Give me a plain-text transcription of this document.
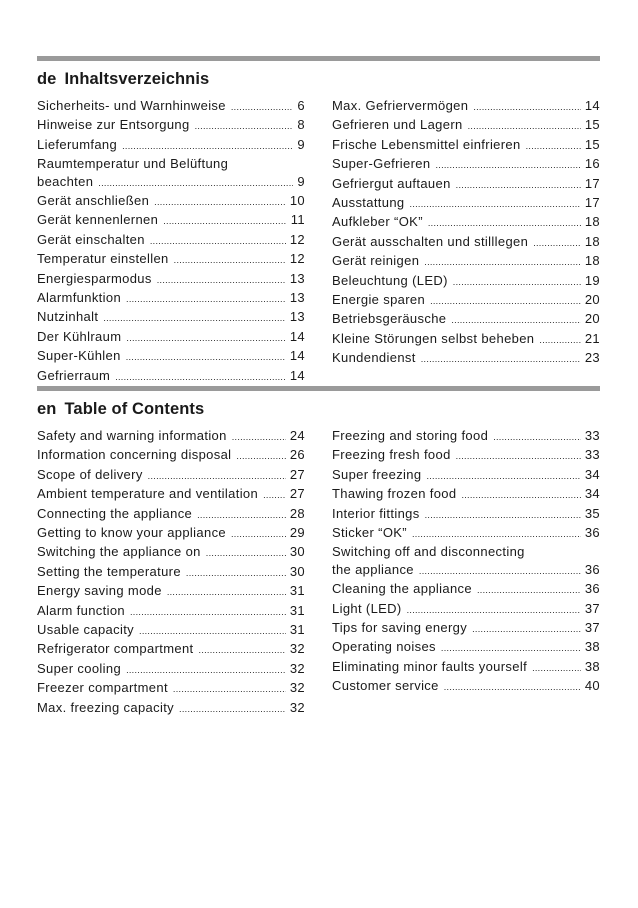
de Inhaltsverzeichnis
Sicherheits- und Warnhinweise .....	6
Hinweise zur Entsorgung .....	8
Lieferumfang .....	9
Raumtemperatur und Belüftung
beachten .....	9
Gerät anschließen .....	10
Gerät kennenlernen .....	11
Gerät einschalten .....	12
Temperatur einstellen .....	12
Energiesparmodus .....	13
Alarmfunktion .....	13
Nutzinhalt .....	13
Der Kühlraum .....	14
Super-Kühlen .....	14
Gefrierraum .....	14
Max. Gefriervermögen .....	14
Gefrieren und Lagern .....	15
Frische Lebensmittel einfrieren .....	15
Super-Gefrieren .....	16
Gefriergut auftauen .....	17
Ausstattung .....	17
Aufkleber “OK” .....	18
Gerät ausschalten und stilllegen .....	18
Gerät reinigen .....	18
Beleuchtung (LED) .....	19
Energie sparen .....	20
Betriebsgeräusche .....	20
Kleine Störungen selbst beheben .....	21
Kundendienst .....	23
en Table of Contents
Safety and warning information .....	24
Information concerning disposal .....	26
Scope of delivery .....	27
Ambient temperature and ventilation ..... 27
Connecting the appliance .....	28
Getting to know your appliance .....	29
Switching the appliance on .....	30
Setting the temperature .....	30
Energy saving mode .....	31
Alarm function .....	31
Usable capacity .....	31
Refrigerator compartment .....	32
Super cooling .....	32
Freezer compartment .....	32
Max. freezing capacity .....	32
Freezing and storing food .....	33
Freezing fresh food .....	33
Super freezing .....	34
Thawing frozen food .....	34
Interior fittings .....	35
Sticker “OK” .....	36
Switching off and disconnecting
the appliance .....	36
Cleaning the appliance .....	36
Light (LED) .....	37
Tips for saving energy .....	37
Operating noises .....	38
Eliminating minor faults yourself .....	38
Customer service .....	40
